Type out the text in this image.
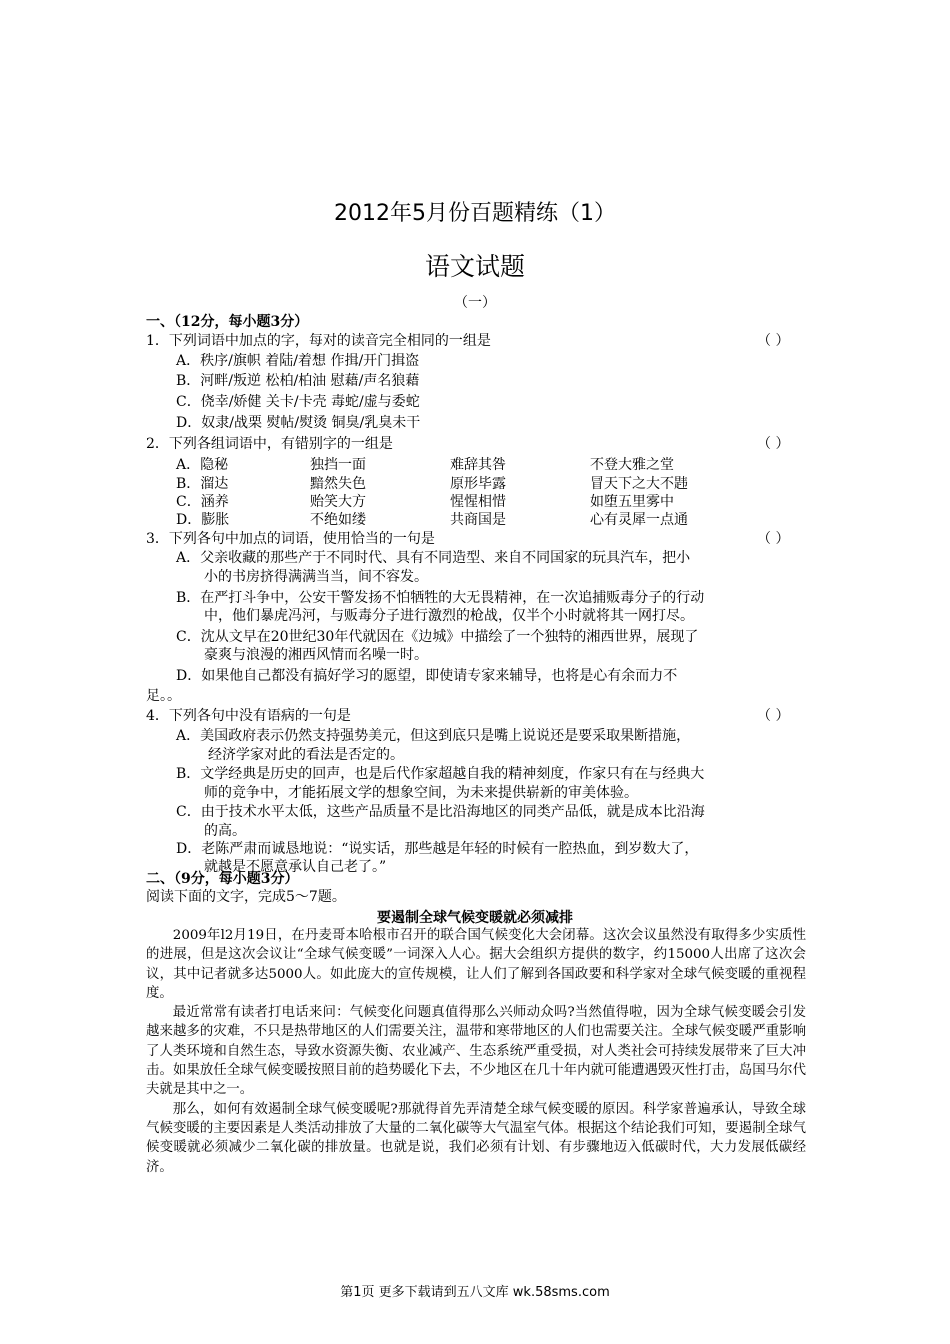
2012年5月份百题精练（1）
语文试题
（一）
一、（12分，每小题3分）
1．下列词语中加点的字，每对的读音完全相同的一组是	（ ）
A．秩序/旗帜 着陆/着想 作揖/开门揖盗
B．河畔/叛逆 松柏/柏油 慰藉/声名狼藉
C．侥幸/娇健 关卡/卡壳 毒蛇/虚与委蛇
D．奴隶/战栗 熨帖/熨烫 铜臭/乳臭未干
2．下列各组词语中，有错别字的一组是	（ ）
A．隐秘	独挡一面	难辞其咎	不登大雅之堂
B．溜达	黯然失色	原形毕露	冒天下之大不韪
C．涵养	贻笑大方	惺惺相惜	如堕五里雾中
D．膨胀	不绝如缕	共商国是	心有灵犀一点通
3．下列各句中加点的词语，使用恰当的一句是	（ ）
A．父亲收藏的那些产于不同时代、具有不同造型、来自不同国家的玩具汽车，把小
小的书房挤得满满当当，间不容发。
B．在严打斗争中，公安干警发扬不怕牺牲的大无畏精神，在一次追捕贩毒分子的行动
中，他们暴虎冯河，与贩毒分子进行激烈的枪战，仅半个小时就将其一网打尽。
C．沈从文早在20世纪30年代就因在《边城》中描绘了一个独特的湘西世界，展现了
豪爽与浪漫的湘西风情而名噪一时。
D．如果他自己都没有搞好学习的愿望，即使请专家来辅导，也将是心有余而力不
足。。
4．下列各句中没有语病的一句是	（ ）
A．美国政府表示仍然支持强势美元，但这到底只是嘴上说说还是要采取果断措施，
经济学家对此的看法是否定的。
B．文学经典是历史的回声，也是后代作家超越自我的精神刻度，作家只有在与经典大
师的竞争中，才能拓展文学的想象空间，为未来提供崭新的审美体验。
C．由于技术水平太低，这些产品质量不是比沿海地区的同类产品低，就是成本比沿海
的高。
D．老陈严肃而诚恳地说：“说实话，那些越是年轻的时候有一腔热血，到岁数大了，
就越是不愿意承认自己老了。”
二、（9分，每小题3分）
阅读下面的文字，完成5～7题。
要遏制全球气候变暖就必须减排

2009年l2月19日，在丹麦哥本哈根市召开的联合国气候变化大会闭幕。这次会议虽然没有取得多少实质性的进展，但是这次会议让“全球气候变暖”一词深入人心。据大会组织方提供的数字，约15000人出席了这次会议，其中记者就多达5000人。如此庞大的宣传规模，让人们了解到各国政要和科学家对全球气候变暖的重视程度。

最近常常有读者打电话来问：气候变化问题真值得那么兴师动众吗?当然值得啦，因为全球气候变暖会引发越来越多的灾难，不只是热带地区的人们需要关注，温带和寒带地区的人们也需要关注。全球气候变暖严重影响了人类环境和自然生态，导致水资源失衡、农业减产、生态系统严重受损，对人类社会可持续发展带来了巨大冲击。如果放任全球气候变暖按照目前的趋势暖化下去，不少地区在几十年内就可能遭遇毁灭性打击，岛国马尔代夫就是其中之一。

那么，如何有效遏制全球气候变暖呢?那就得首先弄清楚全球气候变暖的原因。科学家普遍承认，导致全球气候变暖的主要因素是人类活动排放了大量的二氧化碳等大气温室气体。根据这个结论我们可知，要遏制全球气候变暖就必须减少二氧化碳的排放量。也就是说，我们必须有计划、有步骤地迈入低碳时代，大力发展低碳经济。

第1页 更多下载请到五八文库 wk.58sms.com
